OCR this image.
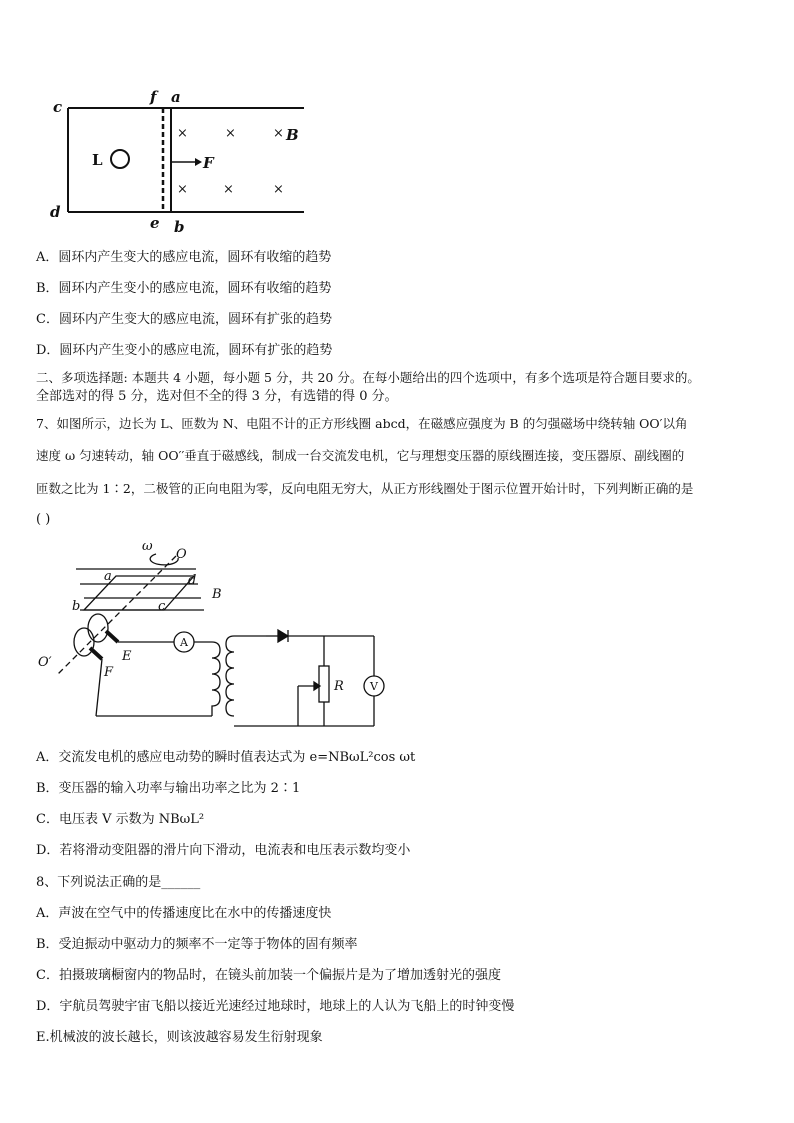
c
f a
d
e b
L	F
B
×	×	×
×	×	×
A．圆环内产生变大的感应电流，圆环有收缩的趋势
B．圆环内产生变小的感应电流，圆环有收缩的趋势
C．圆环内产生变大的感应电流，圆环有扩张的趋势
D．圆环内产生变小的感应电流，圆环有扩张的趋势
二、多项选择题: 本题共 4 小题，每小题 5 分，共 20 分。在每小题给出的四个选项中，有多个选项是符合题目要求的。
全部选对的得 5 分，选对但不全的得 3 分，有选错的得 0 分。
7、如图所示，边长为 L、匝数为 N、电阻不计的正方形线圈 abcd，在磁感应强度为 B 的匀强磁场中绕转轴 OO′以角
速度 ω 匀速转动，轴 OO′′垂直于磁感线，制成一台交流发电机，它与理想变压器的原线圈连接，变压器原、副线圈的
匝数之比为 1∶2，二极管的正向电阻为零，反向电阻无穷大，从正方形线圈处于图示位置开始计时，下列判断正确的是
( )
ω
O
a	d
B
b	c
E
O′
F
R
A
V
A．交流发电机的感应电动势的瞬时值表达式为 e=NBωL²cos ωt
B．变压器的输入功率与输出功率之比为 2∶1
C．电压表 V 示数为 NBωL²
D．若将滑动变阻器的滑片向下滑动，电流表和电压表示数均变小
8、下列说法正确的是______
A．声波在空气中的传播速度比在水中的传播速度快
B．受迫振动中驱动力的频率不一定等于物体的固有频率
C．拍摄玻璃橱窗内的物品时，在镜头前加装一个偏振片是为了增加透射光的强度
D．宇航员驾驶宇宙飞船以接近光速经过地球时，地球上的人认为飞船上的时钟变慢
E.机械波的波长越长，则该波越容易发生衍射现象
